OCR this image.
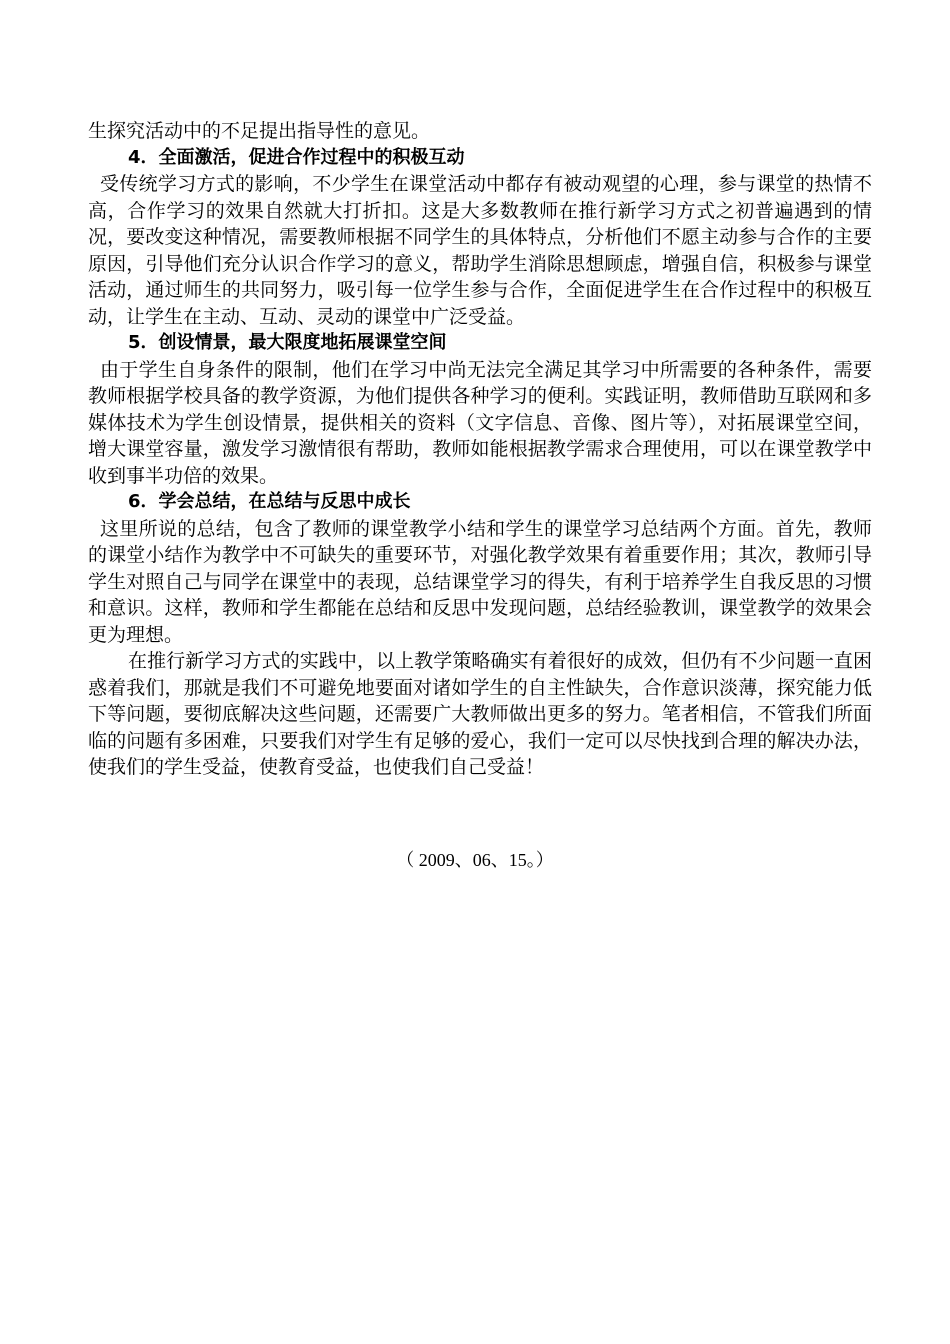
生探究活动中的不足提出指导性的意见。

4．全面激活，促进合作过程中的积极互动

受传统学习方式的影响，不少学生在课堂活动中都存有被动观望的心理，参与课堂的热情不高，合作学习的效果自然就大打折扣。这是大多数教师在推行新学习方式之初普遍遇到的情况，要改变这种情况，需要教师根据不同学生的具体特点，分析他们不愿主动参与合作的主要原因，引导他们充分认识合作学习的意义，帮助学生消除思想顾虑，增强自信，积极参与课堂活动，通过师生的共同努力，吸引每一位学生参与合作，全面促进学生在合作过程中的积极互动，让学生在主动、互动、灵动的课堂中广泛受益。

5．创设情景，最大限度地拓展课堂空间

由于学生自身条件的限制，他们在学习中尚无法完全满足其学习中所需要的各种条件，需要教师根据学校具备的教学资源，为他们提供各种学习的便利。实践证明，教师借助互联网和多媒体技术为学生创设情景，提供相关的资料（文字信息、音像、图片等），对拓展课堂空间，增大课堂容量，激发学习激情很有帮助，教师如能根据教学需求合理使用，可以在课堂教学中收到事半功倍的效果。

6．学会总结，在总结与反思中成长

这里所说的总结，包含了教师的课堂教学小结和学生的课堂学习总结两个方面。首先，教师的课堂小结作为教学中不可缺失的重要环节，对强化教学效果有着重要作用；其次，教师引导学生对照自己与同学在课堂中的表现，总结课堂学习的得失，有利于培养学生自我反思的习惯和意识。这样，教师和学生都能在总结和反思中发现问题，总结经验教训，课堂教学的效果会更为理想。

在推行新学习方式的实践中，以上教学策略确实有着很好的成效，但仍有不少问题一直困惑着我们，那就是我们不可避免地要面对诸如学生的自主性缺失，合作意识淡薄，探究能力低下等问题，要彻底解决这些问题，还需要广大教师做出更多的努力。笔者相信，不管我们所面临的问题有多困难，只要我们对学生有足够的爱心，我们一定可以尽快找到合理的解决办法，使我们的学生受益，使教育受益，也使我们自己受益！

（ 2009、06、15。）
